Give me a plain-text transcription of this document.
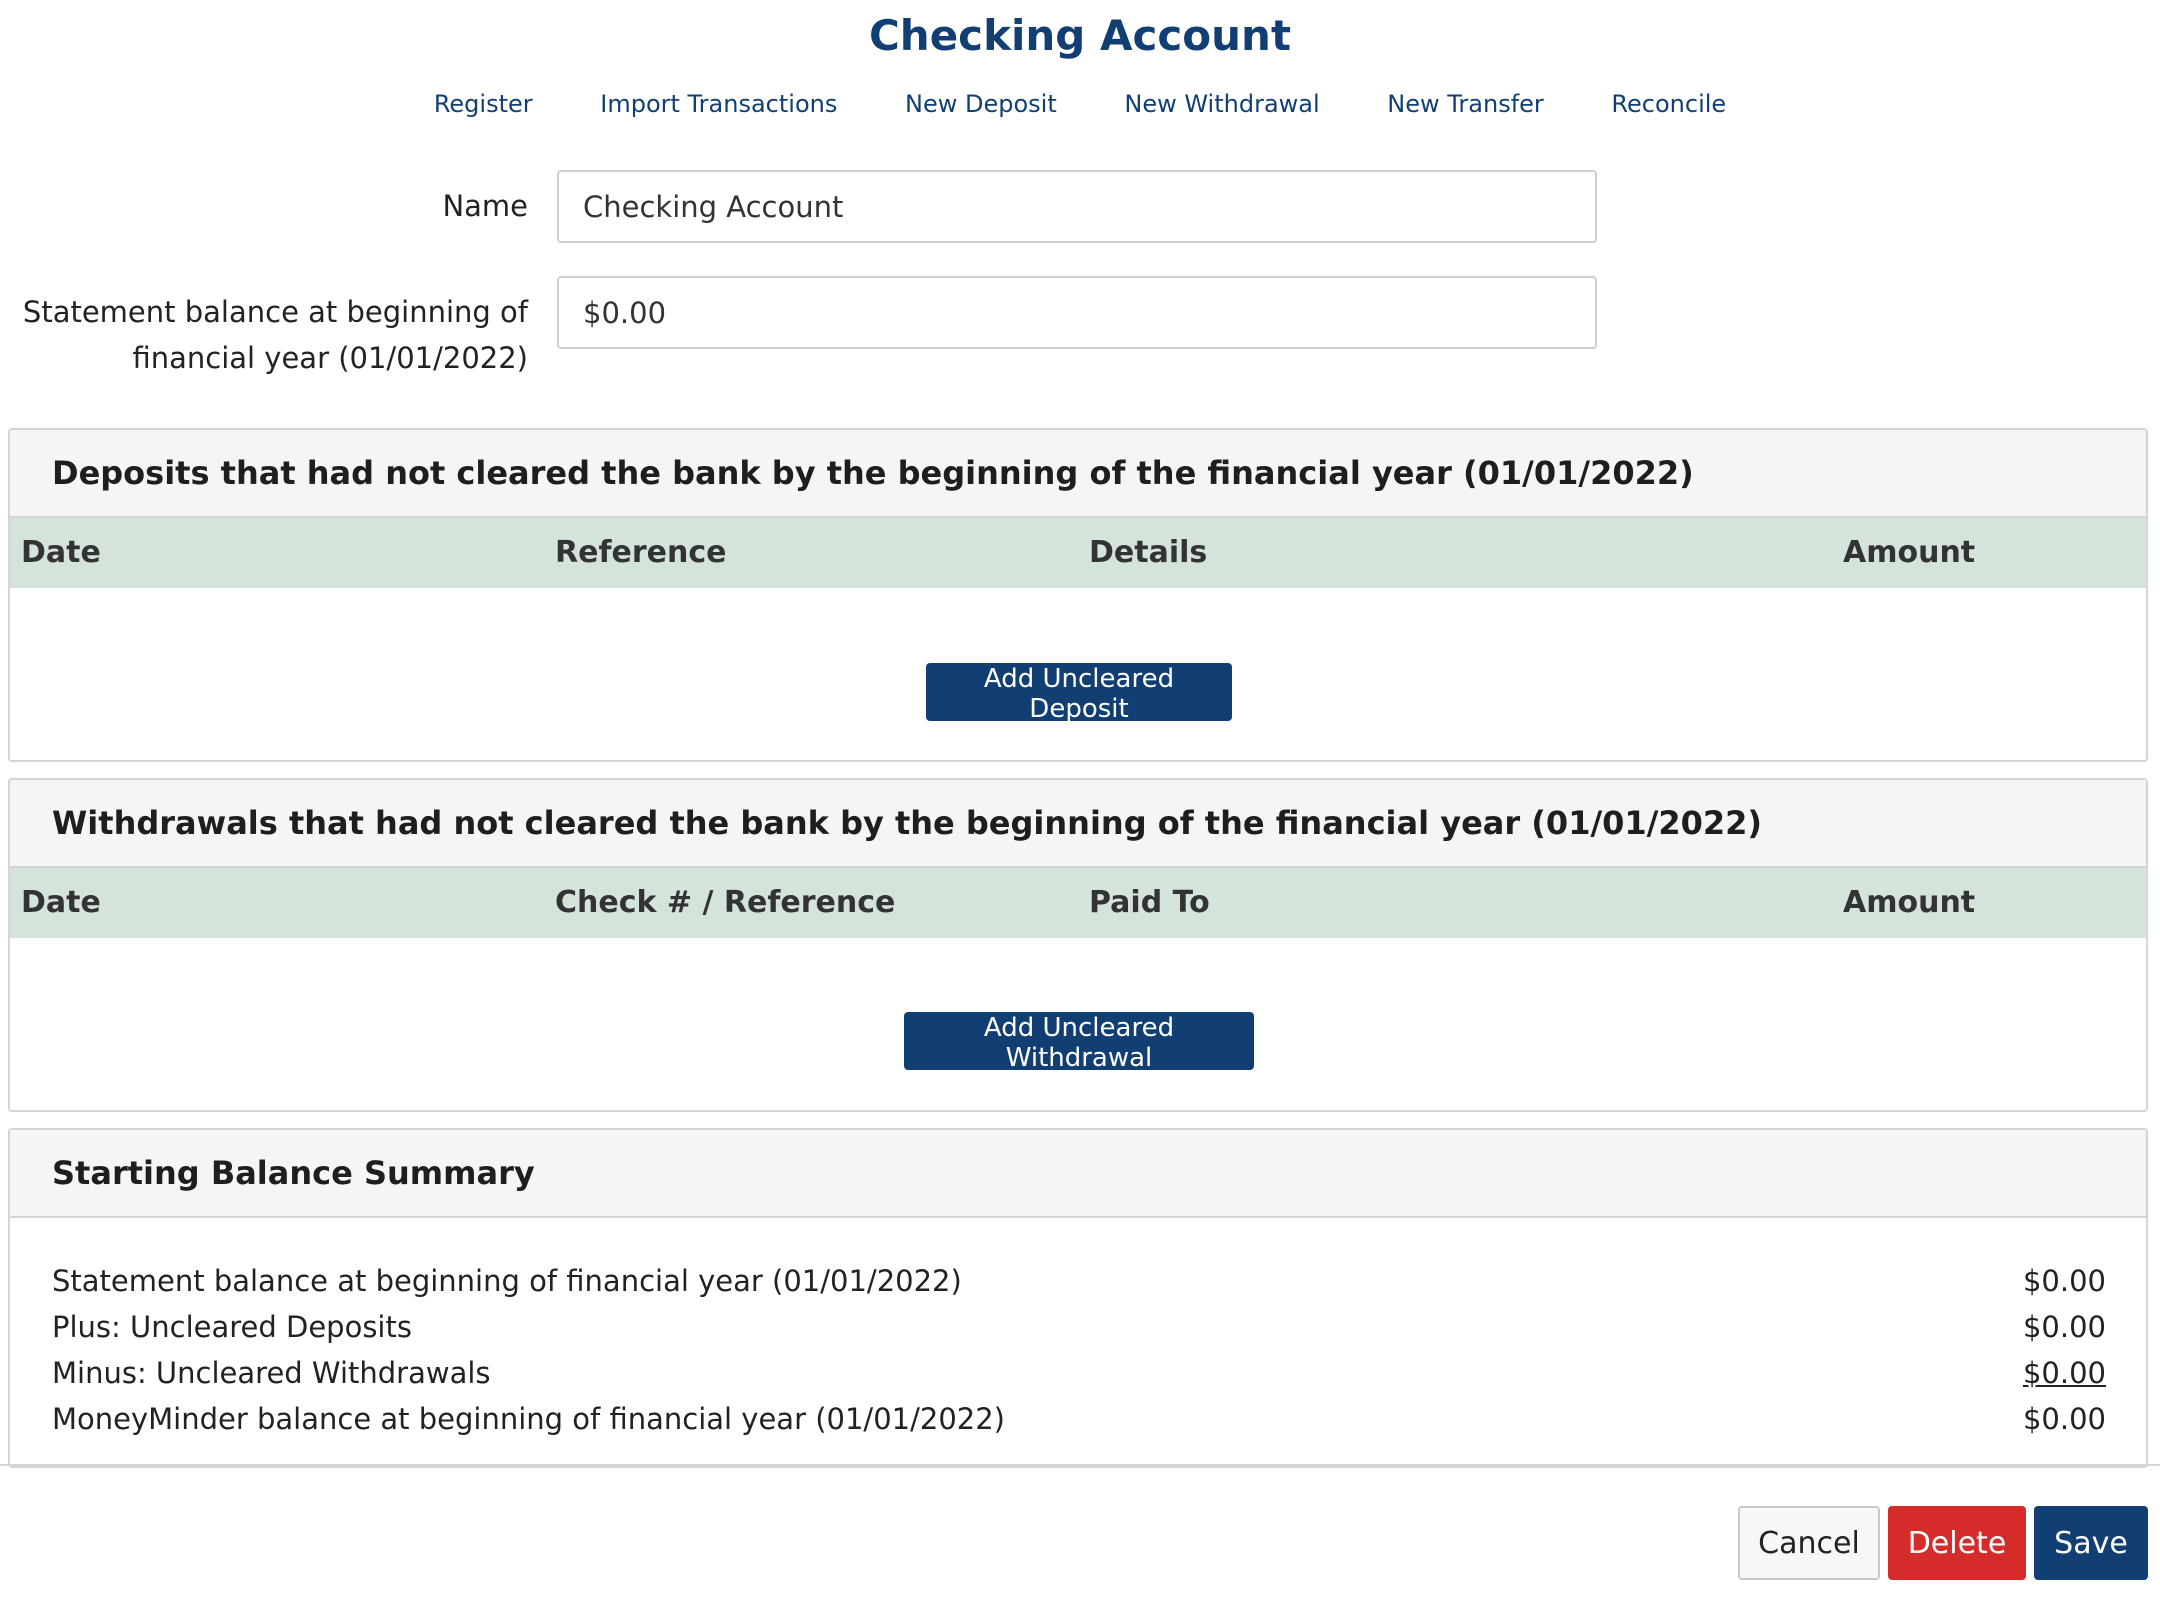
Checking Account
Register	Import Transactions	New Deposit	New Withdrawal	New Transfer	Reconcile
Name
Checking Account
Statement balance at beginning of
financial year (01/01/2022)
$0.00
Deposits that had not cleared the bank by the beginning of the financial year (01/01/2022)
Date	Reference	Details	Amount
Add Uncleared Deposit
Withdrawals that had not cleared the bank by the beginning of the financial year (01/01/2022)
Date	Check # / Reference	Paid To	Amount
Add Uncleared Withdrawal
Starting Balance Summary
Statement balance at beginning of financial year (01/01/2022)	$0.00
Plus: Uncleared Deposits	$0.00
Minus: Uncleared Withdrawals	$0.00
MoneyMinder balance at beginning of financial year (01/01/2022)	$0.00
Cancel	Delete	Save
